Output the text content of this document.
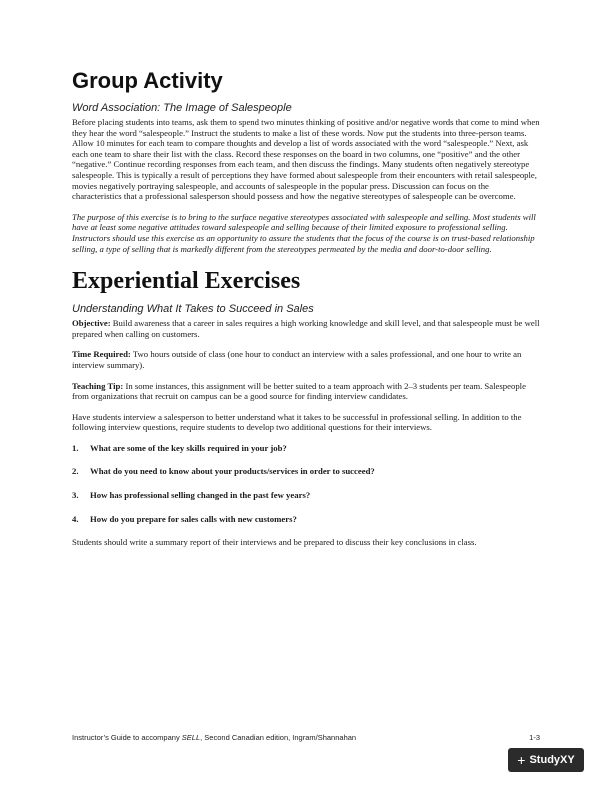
Group Activity
Word Association: The Image of Salespeople

Before placing students into teams, ask them to spend two minutes thinking of positive and/or negative words that come to mind when they hear the word “salespeople.” Instruct the students to make a list of these words. Now put the students into three-person teams. Allow 10 minutes for each team to compare thoughts and develop a list of words associated with the word “salespeople.” Next, ask each one team to share their list with the class. Record these responses on the board in two columns, one “positive” and the other “negative.” Continue recording responses from each team, and then discuss the findings. Many students often negatively stereotype salespeople. This is typically a result of perceptions they have formed about salespeople from their encounters with retail salespeople, movies negatively portraying salespeople, and accounts of salespeople in the popular press. Discussion can focus on the characteristics that a professional salesperson should possess and how the negative stereotypes of salespeople can be overcome.

The purpose of this exercise is to bring to the surface negative stereotypes associated with salespeople and selling. Most students will have at least some negative attitudes toward salespeople and selling because of their limited exposure to professional selling. Instructors should use this exercise as an opportunity to assure the students that the focus of the course is on trust-based relationship selling, a type of selling that is markedly different from the stereotypes permeated by the media and door-to-door selling.

Experiential Exercises
Understanding What It Takes to Succeed in Sales

Objective: Build awareness that a career in sales requires a high working knowledge and skill level, and that salespeople must be well prepared when calling on customers.

Time Required: Two hours outside of class (one hour to conduct an interview with a sales professional, and one hour to write an interview summary).

Teaching Tip: In some instances, this assignment will be better suited to a team approach with 2–3 students per team. Salespeople from organizations that recruit on campus can be a good source for finding interview candidates.

Have students interview a salesperson to better understand what it takes to be successful in professional selling. In addition to the following interview questions, require students to develop two additional questions for their interviews.

1.	What are some of the key skills required in your job?
2.	What do you need to know about your products/services in order to succeed?
3.	How has professional selling changed in the past few years?
4.	How do you prepare for sales calls with new customers?

Students should write a summary report of their interviews and be prepared to discuss their key conclusions in class.

Instructor’s Guide to accompany SELL, Second Canadian edition, Ingram/Shannahan	1-3
+ StudyXY
